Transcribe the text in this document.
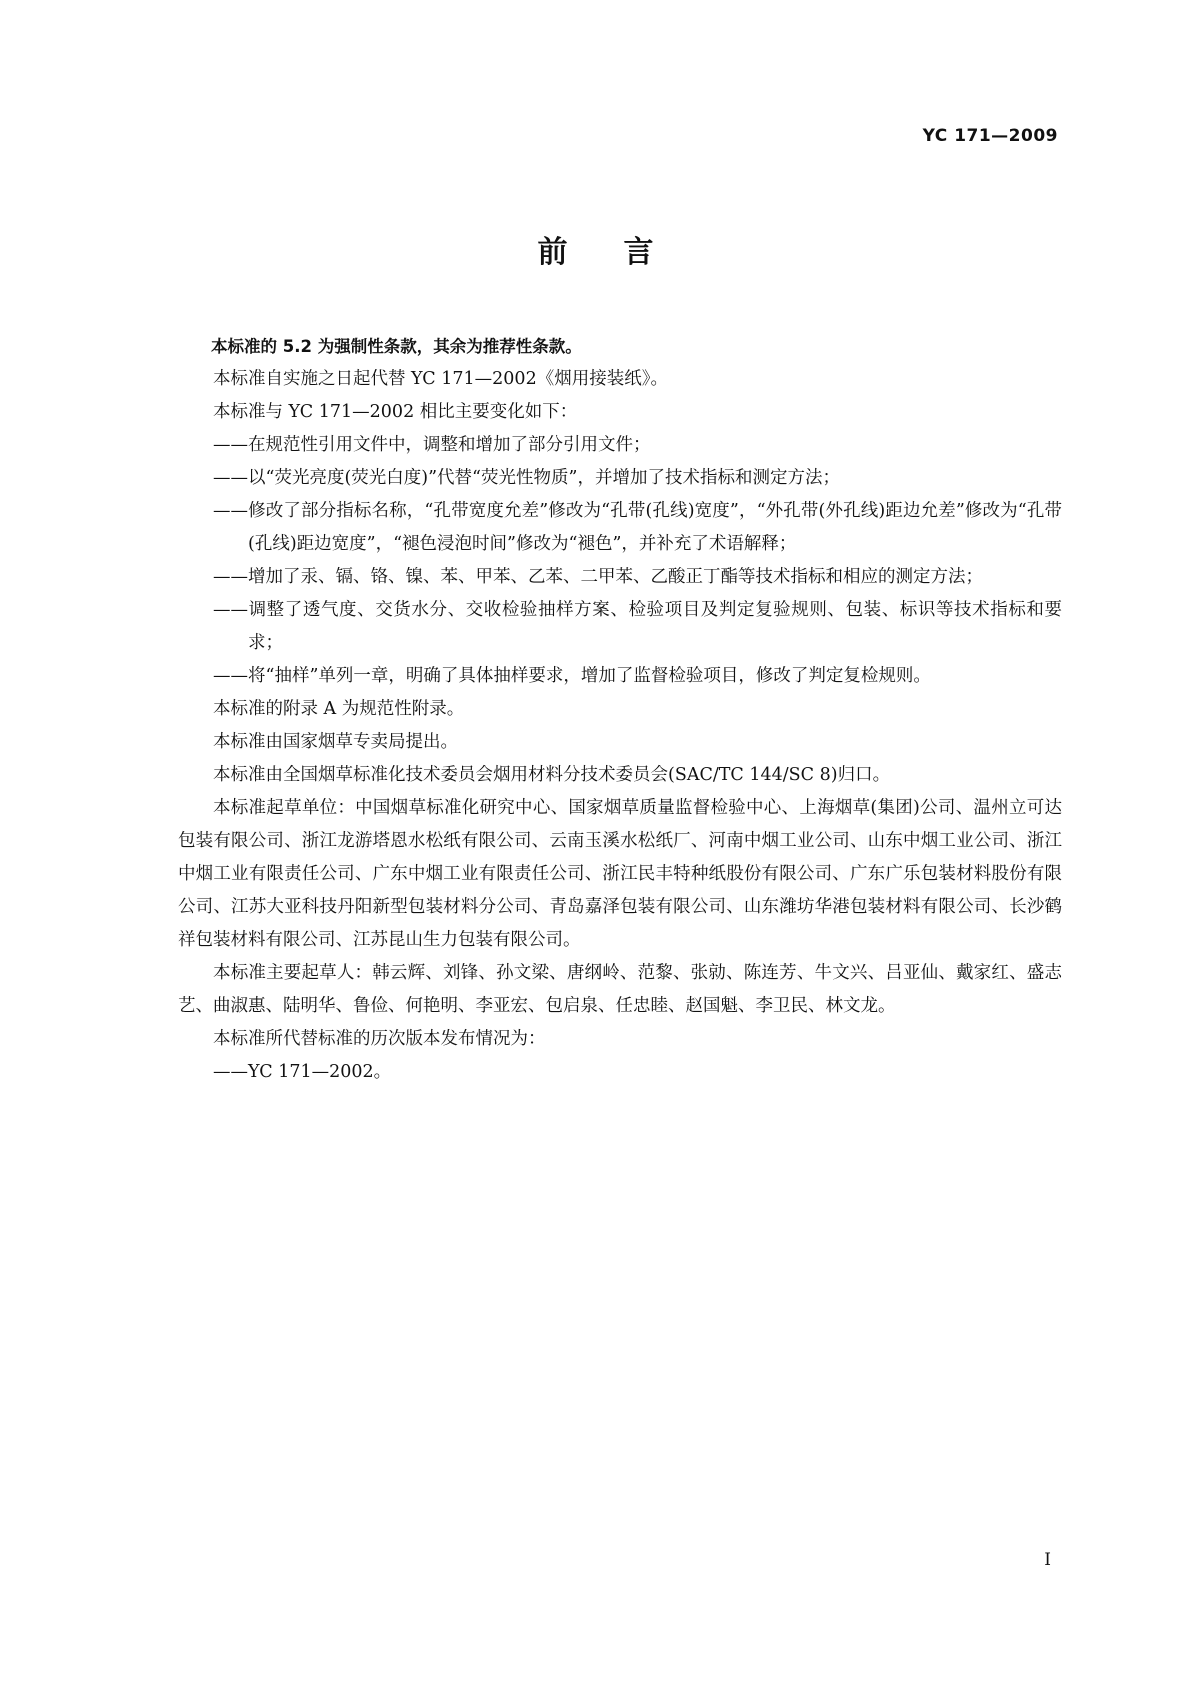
YC 171—2009
前言

本标准的 5.2 为强制性条款，其余为推荐性条款。

本标准自实施之日起代替 YC 171—2002《烟用接装纸》。

本标准与 YC 171—2002 相比主要变化如下：

——在规范性引用文件中，调整和增加了部分引用文件；

——以“荧光亮度(荧光白度)”代替“荧光性物质”，并增加了技术指标和测定方法；

——修改了部分指标名称，“孔带宽度允差”修改为“孔带(孔线)宽度”，“外孔带(外孔线)距边允差”修改为“孔带(孔线)距边宽度”，“褪色浸泡时间”修改为“褪色”，并补充了术语解释；

——增加了汞、镉、铬、镍、苯、甲苯、乙苯、二甲苯、乙酸正丁酯等技术指标和相应的测定方法；

——调整了透气度、交货水分、交收检验抽样方案、检验项目及判定复验规则、包装、标识等技术指标和要求；

——将“抽样”单列一章，明确了具体抽样要求，增加了监督检验项目，修改了判定复检规则。

本标准的附录 A 为规范性附录。

本标准由国家烟草专卖局提出。

本标准由全国烟草标准化技术委员会烟用材料分技术委员会(SAC/TC 144/SC 8)归口。

本标准起草单位：中国烟草标准化研究中心、国家烟草质量监督检验中心、上海烟草(集团)公司、温州立可达包装有限公司、浙江龙游塔恩水松纸有限公司、云南玉溪水松纸厂、河南中烟工业公司、山东中烟工业公司、浙江中烟工业有限责任公司、广东中烟工业有限责任公司、浙江民丰特种纸股份有限公司、广东广乐包装材料股份有限公司、江苏大亚科技丹阳新型包装材料分公司、青岛嘉泽包装有限公司、山东潍坊华港包装材料有限公司、长沙鹤祥包装材料有限公司、江苏昆山生力包装有限公司。

本标准主要起草人：韩云辉、刘锋、孙文梁、唐纲岭、范黎、张勍、陈连芳、牛文兴、吕亚仙、戴家红、盛志艺、曲淑惠、陆明华、鲁俭、何艳明、李亚宏、包启泉、任忠睦、赵国魁、李卫民、林文龙。

本标准所代替标准的历次版本发布情况为：

——YC 171—2002。

I
